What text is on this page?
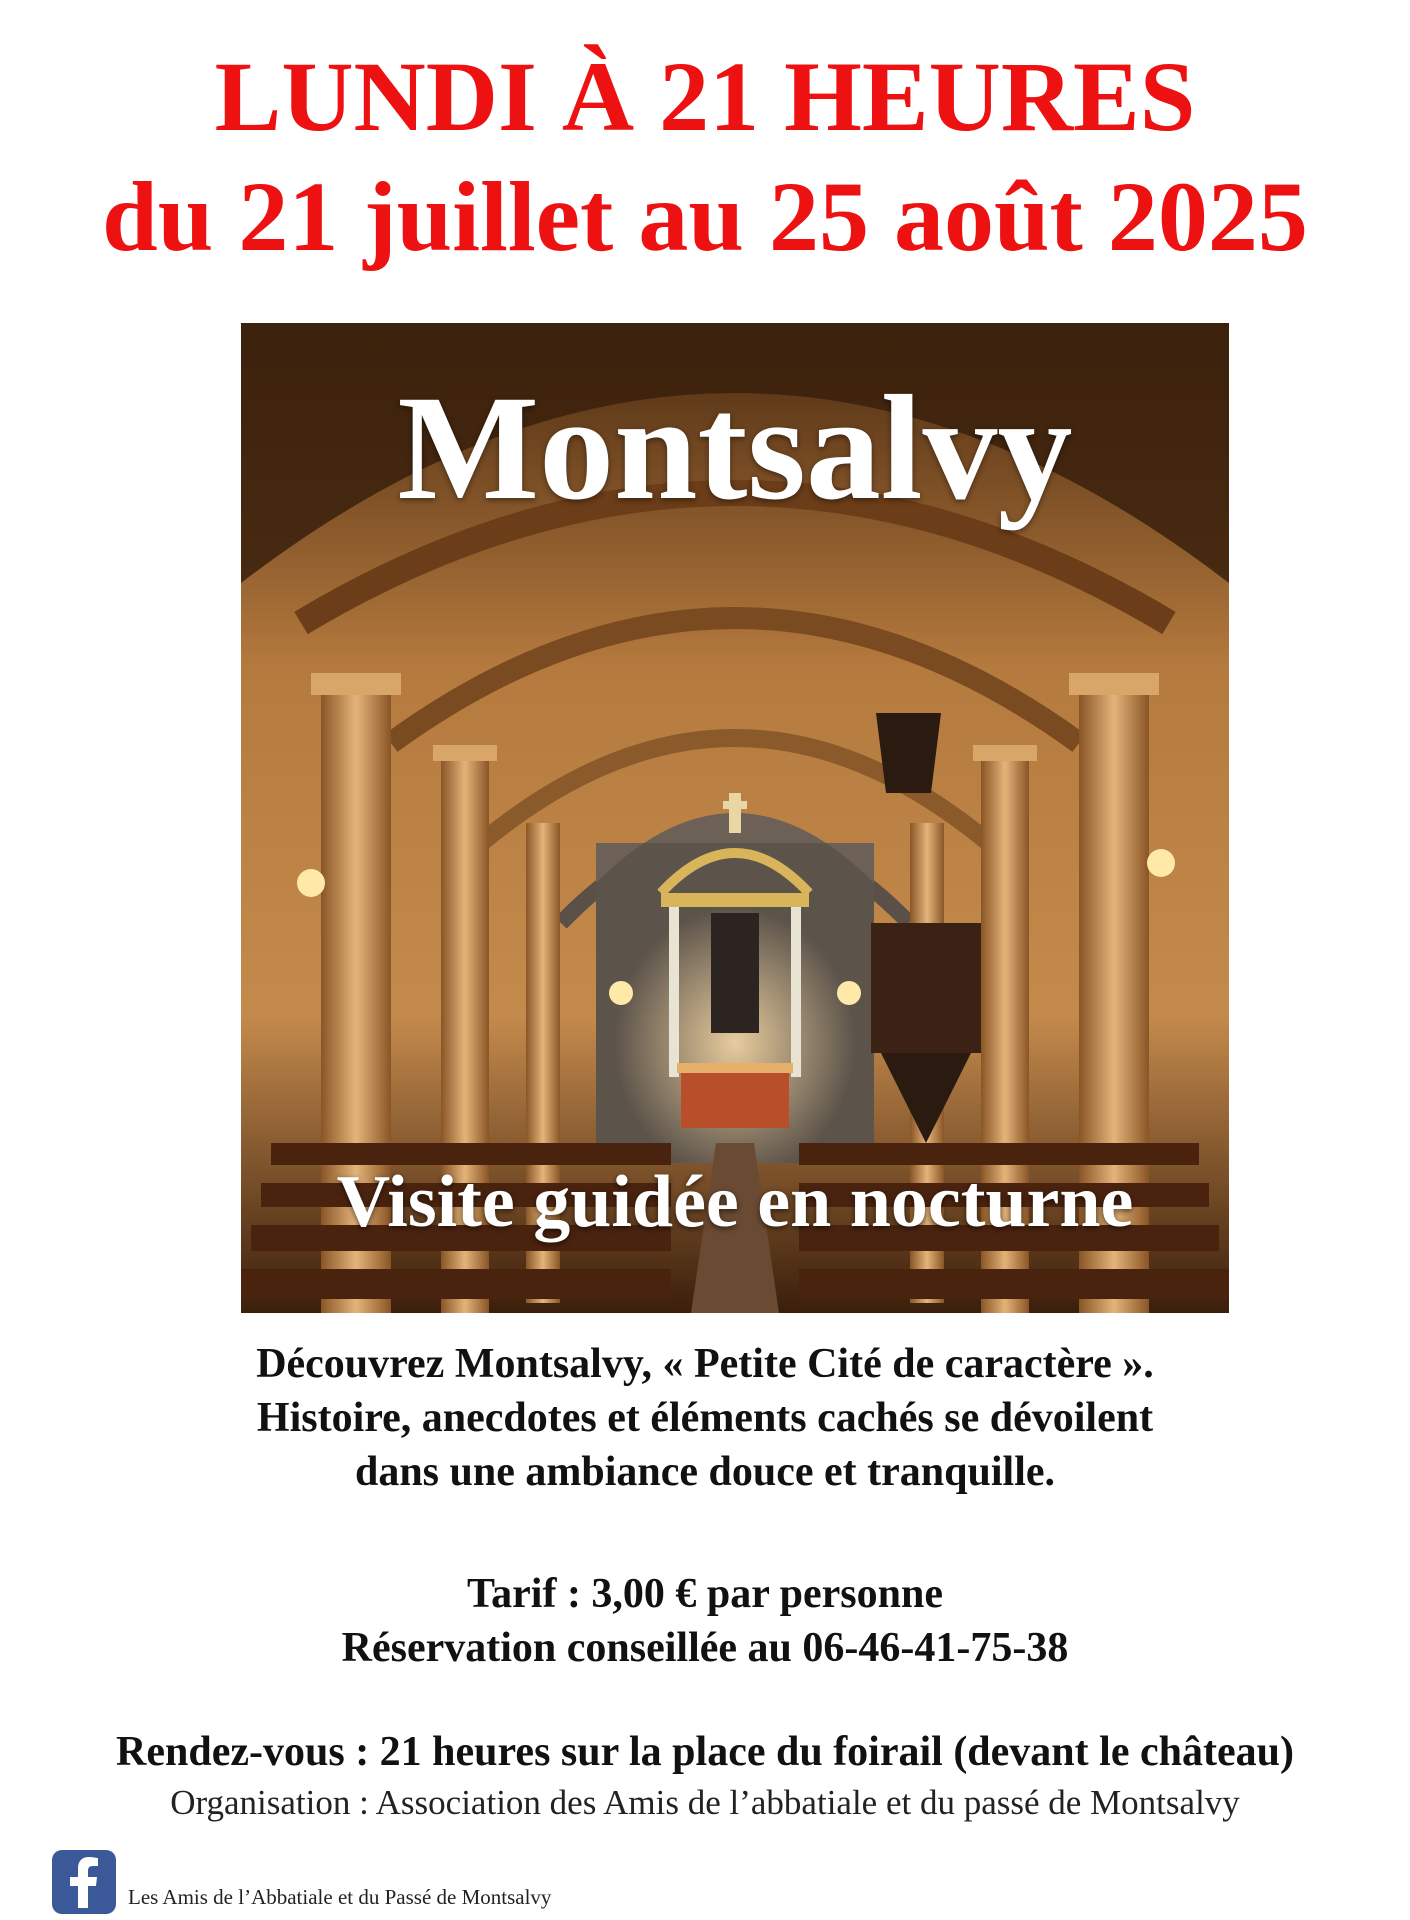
LUNDI À 21 HEURES
du 21 juillet au 25 août 2025
Montsalvy
Visite guidée en nocturne
Découvrez Montsalvy, « Petite Cité de caractère ».
Histoire, anecdotes et éléments cachés se dévoilent
dans une ambiance douce et tranquille.
Tarif : 3,00 € par personne
Réservation conseillée au 06-46-41-75-38
Rendez-vous : 21 heures sur la place du foirail (devant le château)
Organisation : Association des Amis de l’abbatiale et du passé de Montsalvy
Les Amis de l’Abbatiale et du Passé de Montsalvy
